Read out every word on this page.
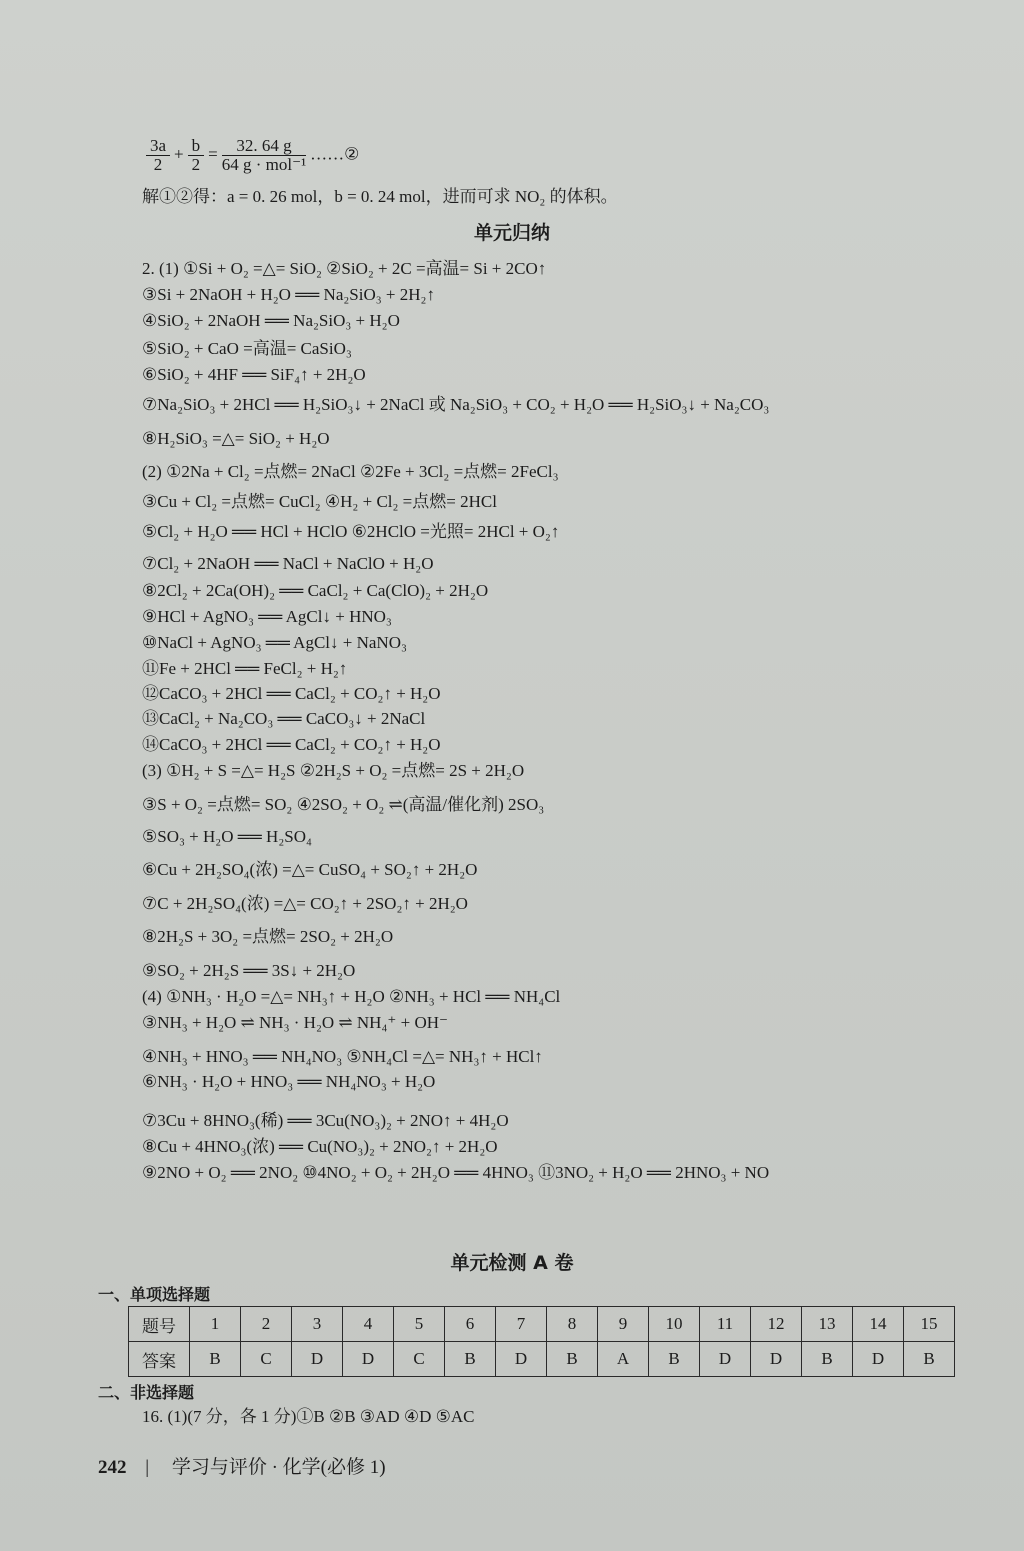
$\frac{3a}{2} + \frac{b}{2} = \frac{32. 64 g}{\text{64 g · mol⁻¹}}$ ……②
解①②得：a = 0. 26 mol，b = 0. 24 mol，进而可求 NO₂ 的体积。
单元归纳
2. (1) ①Si + O₂ =△= SiO₂ ②SiO₂ + 2C =高温= Si + 2CO↑
③Si + 2NaOH + H₂O ══ Na₂SiO₃ + 2H₂↑
④SiO₂ + 2NaOH ══ Na₂SiO₃ + H₂O
⑤SiO₂ + CaO =高温= CaSiO₃
⑥SiO₂ + 4HF ══ SiF₄↑ + 2H₂O
⑦Na₂SiO₃ + 2HCl ══ H₂SiO₃↓ + 2NaCl 或 Na₂SiO₃ + CO₂ + H₂O ══ H₂SiO₃↓ + Na₂CO₃
⑧H₂SiO₃ =△= SiO₂ + H₂O
(2) ①2Na + Cl₂ =点燃= 2NaCl ②2Fe + 3Cl₂ =点燃= 2FeCl₃
③Cu + Cl₂ =点燃= CuCl₂ ④H₂ + Cl₂ =点燃= 2HCl
⑤Cl₂ + H₂O ══ HCl + HClO ⑥2HClO =光照= 2HCl + O₂↑
⑦Cl₂ + 2NaOH ══ NaCl + NaClO + H₂O
⑧2Cl₂ + 2Ca(OH)₂ ══ CaCl₂ + Ca(ClO)₂ + 2H₂O
⑨HCl + AgNO₃ ══ AgCl↓ + HNO₃
⑩NaCl + AgNO₃ ══ AgCl↓ + NaNO₃
⑪Fe + 2HCl ══ FeCl₂ + H₂↑
⑫CaCO₃ + 2HCl ══ CaCl₂ + CO₂↑ + H₂O
⑬CaCl₂ + Na₂CO₃ ══ CaCO₃↓ + 2NaCl
⑭CaCO₃ + 2HCl ══ CaCl₂ + CO₂↑ + H₂O
(3) ①H₂ + S =△= H₂S ②2H₂S + O₂ =点燃= 2S + 2H₂O
③S + O₂ =点燃= SO₂ ④2SO₂ + O₂ ⇌(高温/催化剂) 2SO₃
⑤SO₃ + H₂O ══ H₂SO₄
⑥Cu + 2H₂SO₄(浓) =△= CuSO₄ + SO₂↑ + 2H₂O
⑦C + 2H₂SO₄(浓) =△= CO₂↑ + 2SO₂↑ + 2H₂O
⑧2H₂S + 3O₂ =点燃= 2SO₂ + 2H₂O
⑨SO₂ + 2H₂S ══ 3S↓ + 2H₂O
(4) ①NH₃ · H₂O =△= NH₃↑ + H₂O ②NH₃ + HCl ══ NH₄Cl
③NH₃ + H₂O ⇌ NH₃ · H₂O ⇌ NH₄⁺ + OH⁻
④NH₃ + HNO₃ ══ NH₄NO₃ ⑤NH₄Cl =△= NH₃↑ + HCl↑
⑥NH₃ · H₂O + HNO₃ ══ NH₄NO₃ + H₂O
⑦3Cu + 8HNO₃(稀) ══ 3Cu(NO₃)₂ + 2NO↑ + 4H₂O
⑧Cu + 4HNO₃(浓) ══ Cu(NO₃)₂ + 2NO₂↑ + 2H₂O
⑨2NO + O₂ ══ 2NO₂ ⑩4NO₂ + O₂ + 2H₂O ══ 4HNO₃ ⑪3NO₂ + H₂O ══ 2HNO₃ + NO
单元检测 A 卷
一、单项选择题
题号	1	2	3	4	5	6	7	8	9	10	11	12	13	14	15
答案	B	C	D	D	C	B	D	B	A	B	D	D	B	D	B
二、非选择题
16. (1)(7 分，各 1 分)①B ②B ③AD ④D ⑤AC
242 | 学习与评价 · 化学(必修 1)
